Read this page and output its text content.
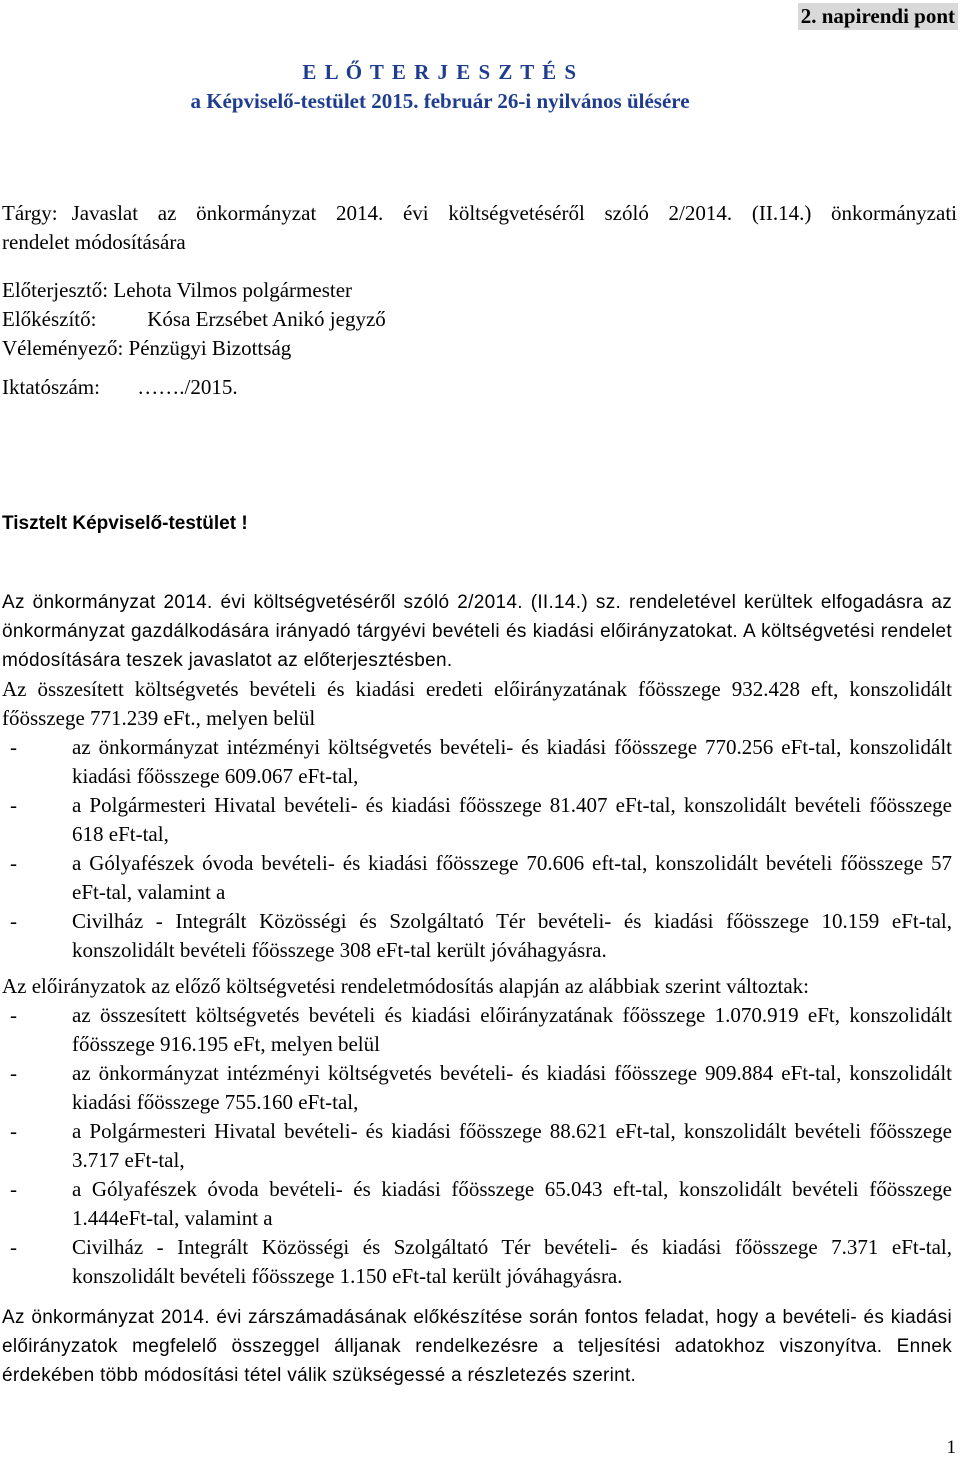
2. napirendi pont
E L Ő T E R J E S Z T É S
a Képviselő-testület 2015. február 26-i nyilvános ülésére
Tárgy: Javaslat az önkormányzat 2014. évi költségvetéséről szóló 2/2014. (II.14.) önkormányzati
rendelet módosítására
Előterjesztő: Lehota Vilmos polgármester
Előkészítő: Kósa Erzsébet Anikó jegyző
Véleményező: Pénzügyi Bizottság
Iktatószám: ……./2015.
Tisztelt Képviselő-testület !
Az önkormányzat 2014. évi költségvetéséről szóló 2/2014. (II.14.) sz. rendeletével kerültek elfogadásra az önkormányzat gazdálkodására irányadó tárgyévi bevételi és kiadási előirányzatokat. A költségvetési rendelet módosítására teszek javaslatot az előterjesztésben.
Az összesített költségvetés bevételi és kiadási eredeti előirányzatának főösszege 932.428 eft, konszolidált főösszege 771.239 eFt., melyen belül
- az önkormányzat intézményi költségvetés bevételi- és kiadási főösszege 770.256 eFt-tal, konszolidált kiadási főösszege 609.067 eFt-tal,
- a Polgármesteri Hivatal bevételi- és kiadási főösszege 81.407 eFt-tal, konszolidált bevételi főösszege 618 eFt-tal,
- a Gólyafészek óvoda bevételi- és kiadási főösszege 70.606 eft-tal, konszolidált bevételi főösszege 57 eFt-tal, valamint a
- Civilház - Integrált Közösségi és Szolgáltató Tér bevételi- és kiadási főösszege 10.159 eFt-tal, konszolidált bevételi főösszege 308 eFt-tal került jóváhagyásra.
Az előirányzatok az előző költségvetési rendeletmódosítás alapján az alábbiak szerint változtak:
- az összesített költségvetés bevételi és kiadási előirányzatának főösszege 1.070.919 eFt, konszolidált főösszege 916.195 eFt, melyen belül
- az önkormányzat intézményi költségvetés bevételi- és kiadási főösszege 909.884 eFt-tal, konszolidált kiadási főösszege 755.160 eFt-tal,
- a Polgármesteri Hivatal bevételi- és kiadási főösszege 88.621 eFt-tal, konszolidált bevételi főösszege 3.717 eFt-tal,
- a Gólyafészek óvoda bevételi- és kiadási főösszege 65.043 eft-tal, konszolidált bevételi főösszege 1.444eFt-tal, valamint a
- Civilház - Integrált Közösségi és Szolgáltató Tér bevételi- és kiadási főösszege 7.371 eFt-tal, konszolidált bevételi főösszege 1.150 eFt-tal került jóváhagyásra.
Az önkormányzat 2014. évi zárszámadásának előkészítése során fontos feladat, hogy a bevételi- és kiadási előirányzatok megfelelő összeggel álljanak rendelkezésre a teljesítési adatokhoz viszonyítva. Ennek érdekében több módosítási tétel válik szükségessé a részletezés szerint.
1
